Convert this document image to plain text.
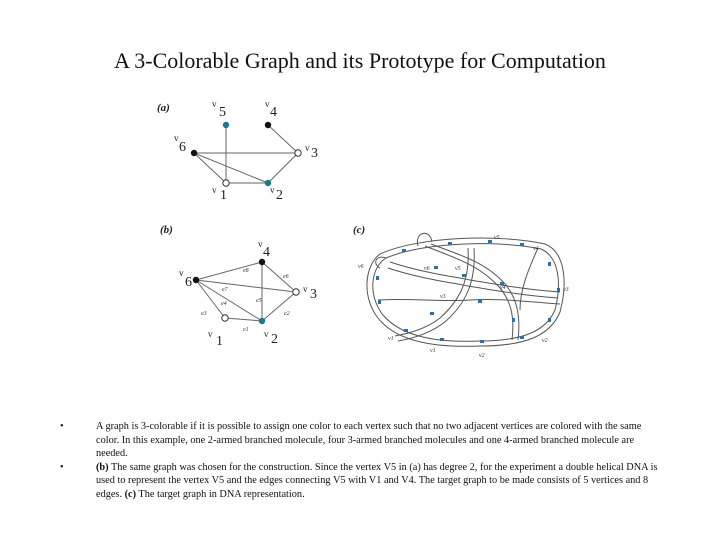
A 3-Colorable Graph and its Prototype for Computation
(a)	v
5
v
4
v
6	v 3
v 1	v 2
(b)
v
4
v
6	v 3
v 1	v 2
e8
e7
e6
e5
e4
e3	e2
e1
(c)
v6
v5
v4
v3
v2
v1
v5
v6
v4
v1
v3
v2
•	A graph is 3-colorable if it is possible to assign one color to each vertex such that no two adjacent vertices are colored with the same color. In this example, one 2-armed branched molecule, four 3-armed branched molecules and one 4-armed branched molecule are needed.
•	(b) The same graph was chosen for the construction. Since the vertex V5 in (a) has degree 2, for the experiment a double helical DNA is used to represent the vertex V5 and the edges connecting V5 with V1 and V4. The target graph to be made consists of 5 vertices and 8 edges. (c) The target graph in DNA representation.
